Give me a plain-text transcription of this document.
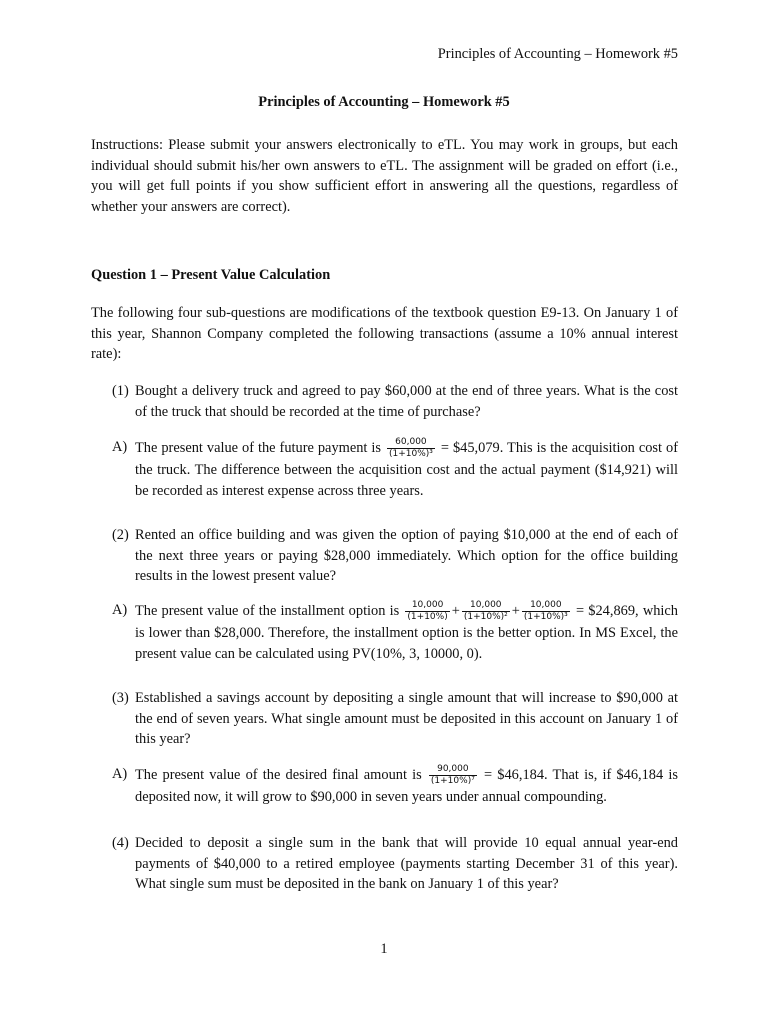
Principles of Accounting – Homework #5
Principles of Accounting – Homework #5
Instructions: Please submit your answers electronically to eTL. You may work in groups, but each individual should submit his/her own answers to eTL. The assignment will be graded on effort (i.e., you will get full points if you show sufficient effort in answering all the questions, regardless of whether your answers are correct).
Question 1 – Present Value Calculation
The following four sub-questions are modifications of the textbook question E9-13. On January 1 of this year, Shannon Company completed the following transactions (assume a 10% annual interest rate):
(1) Bought a delivery truck and agreed to pay $60,000 at the end of three years. What is the cost of the truck that should be recorded at the time of purchase?
A) The present value of the future payment is $\frac{60,000}{\text{(1+10\%)³}}$ = $45,079. This is the acquisition cost of the truck. The difference between the acquisition cost and the actual payment ($14,921) will be recorded as interest expense across three years.
(2) Rented an office building and was given the option of paying $10,000 at the end of each of the next three years or paying $28,000 immediately. Which option for the office building results in the lowest present value?
A) The present value of the installment option is $\frac{10,000}{(1+10\%)} + \frac{10,000}{\text{(1+10\%)²}} + \frac{10,000}{\text{(1+10\%)³}}$ = $24,869, which is lower than $28,000. Therefore, the installment option is the better option. In MS Excel, the present value can be calculated using PV(10%, 3, 10000, 0).
(3) Established a savings account by depositing a single amount that will increase to $90,000 at the end of seven years. What single amount must be deposited in this account on January 1 of this year?
A) The present value of the desired final amount is $\frac{90,000}{\text{(1+10\%)⁷}}$ = $46,184. That is, if $46,184 is deposited now, it will grow to $90,000 in seven years under annual compounding.
(4) Decided to deposit a single sum in the bank that will provide 10 equal annual year-end payments of $40,000 to a retired employee (payments starting December 31 of this year). What single sum must be deposited in the bank on January 1 of this year?
1
